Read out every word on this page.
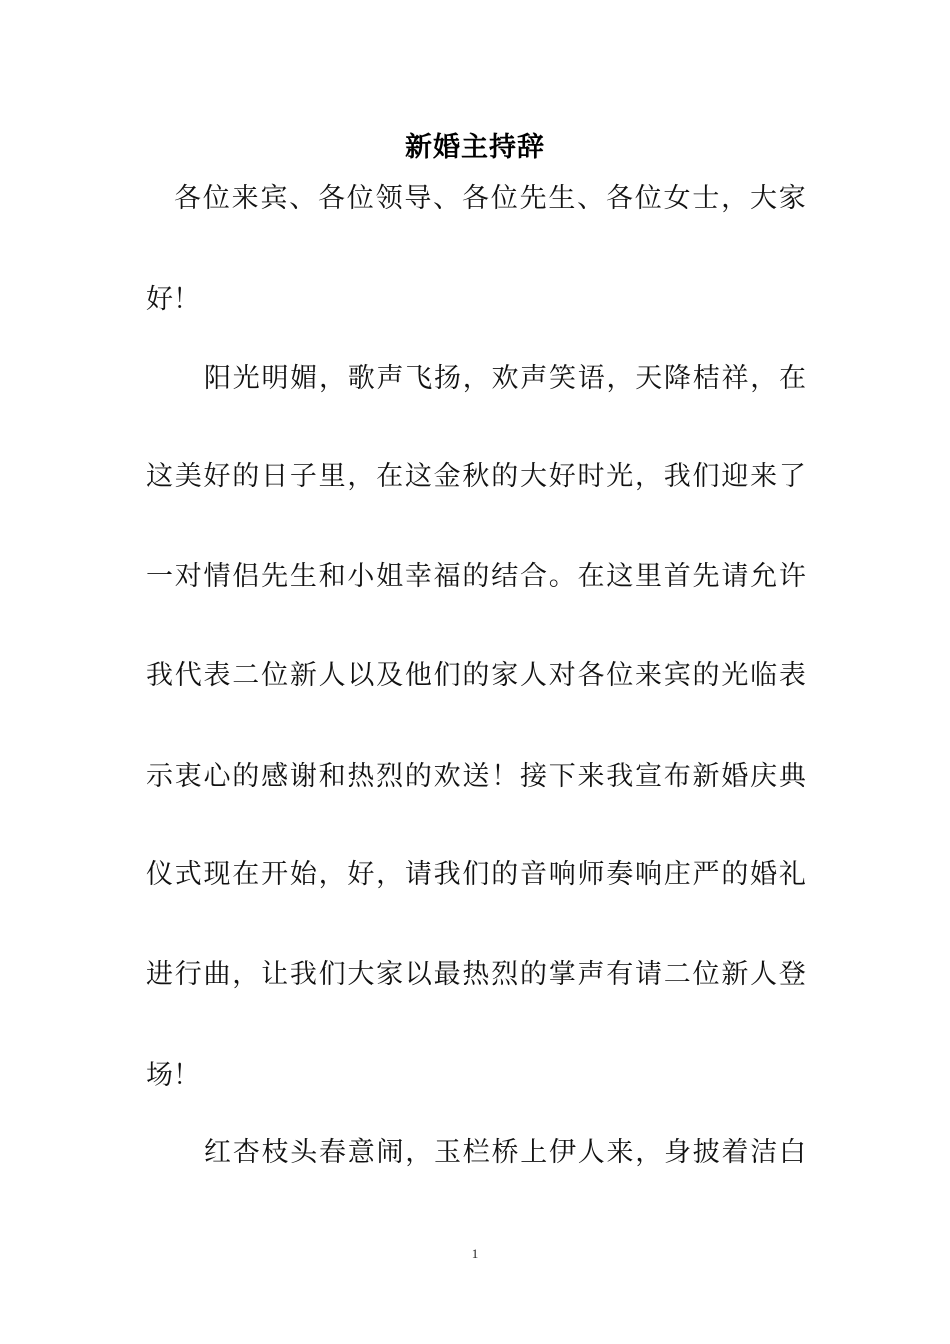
新婚主持辞
各 位 来 宾 、 各 位 领 导 、 各 位 先 生 、 各 位 女 士 ， 大 家
好！
阳 光 明 媚 ， 歌 声 飞 扬 ， 欢 声 笑 语 ， 天 降 桔 祥 ， 在
这 美 好 的 日 子 里 ， 在 这 金 秋 的 大 好 时 光 ， 我 们 迎 来 了
一 对 情 侣 先 生 和 小 姐 幸 福 的 结 合 。 在 这 里 首 先 请 允 许
我 代 表 二 位 新 人 以 及 他 们 的 家 人 对 各 位 来 宾 的 光 临 表
示 衷 心 的 感 谢 和 热 烈 的 欢 送 ！ 接 下 来 我 宣 布 新 婚 庆 典
仪 式 现 在 开 始 ， 好 ， 请 我 们 的 音 响 师 奏 响 庄 严 的 婚 礼
进 行 曲 ， 让 我 们 大 家 以 最 热 烈 的 掌 声 有 请 二 位 新 人 登
场！
红 杏 枝 头 春 意 闹 ， 玉 栏 桥 上 伊 人 来 ， 身 披 着 洁 白
1
